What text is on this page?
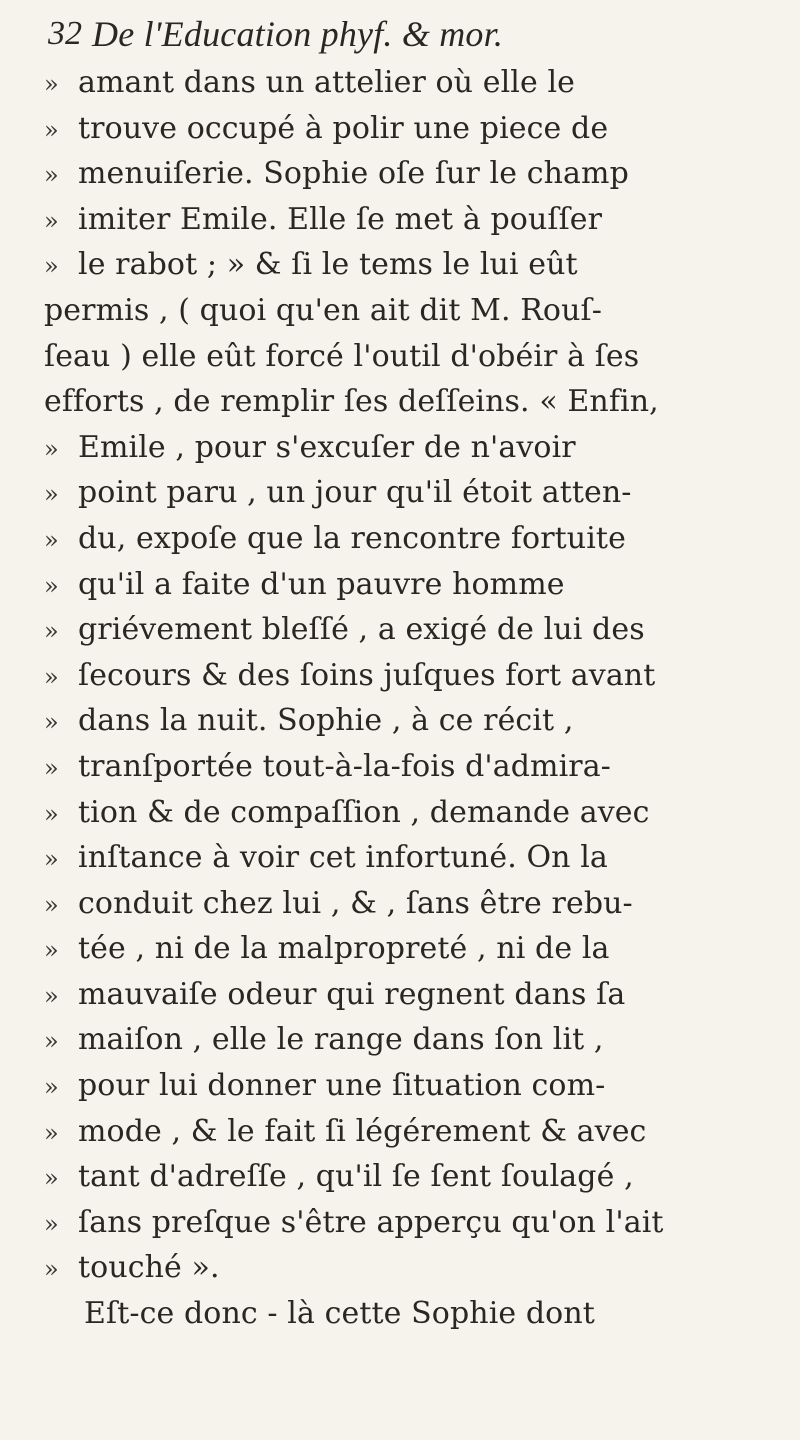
32 De l'Education phyf. & mor.
» amant dans un attelier où elle le
» trouve occupé à polir une piece de
» menuiſerie. Sophie oſe ſur le champ
» imiter Emile. Elle ſe met à pouſſer
» le rabot ; » & ſi le tems le lui eût
permis , ( quoi qu'en ait dit M. Rouſ-
ſeau ) elle eût forcé l'outil d'obéir à ſes
efforts , de remplir ſes deſſeins. « Enfin,
» Emile , pour s'excuſer de n'avoir
» point paru , un jour qu'il étoit atten-
» du, expoſe que la rencontre fortuite
» qu'il a faite d'un pauvre homme
» griévement bleſſé , a exigé de lui des
» ſecours & des ſoins juſques fort avant
» dans la nuit. Sophie , à ce récit ,
» tranſportée tout-à-la-fois d'admira-
» tion & de compaſſion , demande avec
» inſtance à voir cet infortuné. On la
» conduit chez lui , & , ſans être rebu-
» tée , ni de la malpropreté , ni de la
» mauvaiſe odeur qui regnent dans ſa
» maiſon , elle le range dans ſon lit ,
» pour lui donner une ſituation com-
» mode , & le fait ſi légérement & avec
» tant d'adreſſe , qu'il ſe ſent ſoulagé ,
» ſans preſque s'être apperçu qu'on l'ait
» touché ».
Eſt-ce donc - là cette Sophie dont
